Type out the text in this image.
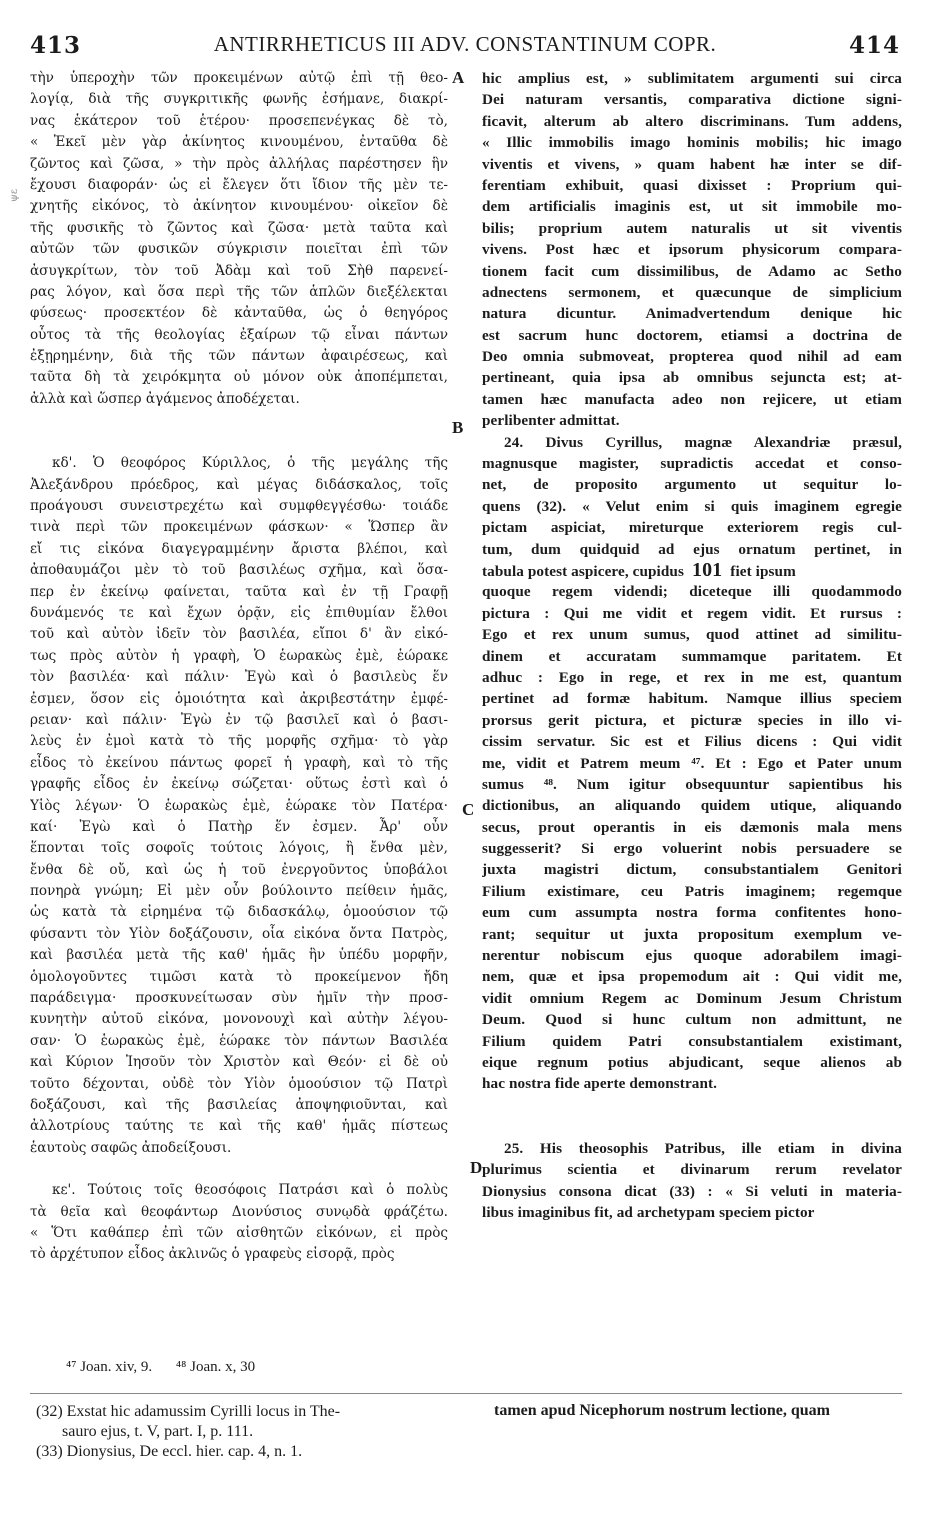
413	ANTIRRHETICUS III ADV. CONSTANTINUM COPR.	414
ψε
A
B
C
D
τὴν ὑπεροχὴν τῶν προκειμένων αὐτῷ ἐπὶ τῇ θεο-
λογίᾳ, διὰ τῆς συγκριτικῆς φωνῆς ἐσήμανε, διακρί-
νας ἑκάτερον τοῦ ἑτέρου· προσεπενέγκας δὲ τὸ,
« Ἐκεῖ μὲν γὰρ ἀκίνητος κινουμένου, ἐνταῦθα δὲ
ζῶντος καὶ ζῶσα, » τὴν πρὸς ἀλλήλας παρέστησεν ἣν
ἔχουσι διαφοράν· ὡς εἰ ἔλεγεν ὅτι ἴδιον τῆς μὲν τε-
χνητῆς εἰκόνος, τὸ ἀκίνητον κινουμένου· οἰκεῖον δὲ
τῆς φυσικῆς τὸ ζῶντος καὶ ζῶσα· μετὰ ταῦτα καὶ
αὐτῶν τῶν φυσικῶν σύγκρισιν ποιεῖται ἐπὶ τῶν
ἀσυγκρίτων, τὸν τοῦ Ἀδὰμ καὶ τοῦ Σὴθ παρενεί-
ρας λόγον, καὶ ὅσα περὶ τῆς τῶν ἁπλῶν διεξέλεκται
φύσεως· προσεκτέον δὲ κἀνταῦθα, ὡς ὁ θεηγόρος
οὗτος τὰ τῆς θεολογίας ἐξαίρων τῷ εἶναι πάντων
ἐξῃρημένην, διὰ τῆς τῶν πάντων ἀφαιρέσεως, καὶ
ταῦτα δὴ τὰ χειρόκμητα οὐ μόνον οὐκ ἀποπέμπεται,
ἀλλὰ καὶ ὥσπερ ἀγάμενος ἀποδέχεται.
κδ'. Ὁ θεοφόρος Κύριλλος, ὁ τῆς μεγάλης τῆς
Ἀλεξάνδρου πρόεδρος, καὶ μέγας διδάσκαλος, τοῖς
προάγουσι συνειστρεχέτω καὶ συμφθεγγέσθω· τοιάδε
τινὰ περὶ τῶν προκειμένων φάσκων· « Ὥσπερ ἂν
εἴ τις εἰκόνα διαγεγραμμένην ἄριστα βλέποι, καὶ
ἀποθαυμάζοι μὲν τὸ τοῦ βασιλέως σχῆμα, καὶ ὅσα-
περ ἐν ἐκείνῳ φαίνεται, ταῦτα καὶ ἐν τῇ Γραφῇ
δυνάμενός τε καὶ ἔχων ὁρᾷν, εἰς ἐπιθυμίαν ἔλθοι
τοῦ καὶ αὐτὸν ἰδεῖν τὸν βασιλέα, εἴποι δ' ἂν εἰκό-
τως πρὸς αὐτὸν ἡ γραφὴ, Ὁ ἑωρακὼς ἐμὲ, ἑώρακε
τὸν βασιλέα· καὶ πάλιν· Ἐγὼ καὶ ὁ βασιλεὺς ἕν
ἐσμεν, ὅσον εἰς ὁμοιότητα καὶ ἀκριβεστάτην ἐμφέ-
ρειαν· καὶ πάλιν· Ἐγὼ ἐν τῷ βασιλεῖ καὶ ὁ βασι-
λεὺς ἐν ἐμοὶ κατὰ τὸ τῆς μορφῆς σχῆμα· τὸ γὰρ
εἶδος τὸ ἐκείνου πάντως φορεῖ ἡ γραφὴ, καὶ τὸ τῆς
γραφῆς εἶδος ἐν ἐκείνῳ σώζεται· οὕτως ἐστὶ καὶ ὁ
Υἱὸς λέγων· Ὁ ἑωρακὼς ἐμὲ, ἑώρακε τὸν Πατέρα·
καί· Ἐγὼ καὶ ὁ Πατὴρ ἕν ἐσμεν. Ἆρ' οὖν
ἕπονται τοῖς σοφοῖς τούτοις λόγοις, ἢ ἔνθα μὲν,
ἔνθα δὲ οὔ, καὶ ὡς ἡ τοῦ ἐνεργοῦντος ὑποβάλοι
πονηρὰ γνώμη; Εἰ μὲν οὖν βούλοιντο πείθειν ἡμᾶς,
ὡς κατὰ τὰ εἰρημένα τῷ διδασκάλῳ, ὁμοούσιον τῷ
φύσαντι τὸν Υἱὸν δοξάζουσιν, οἷα εἰκόνα ὄντα Πατρὸς,
καὶ βασιλέα μετὰ τῆς καθ' ἡμᾶς ἣν ὑπέδυ μορφῆν,
ὁμολογοῦντες τιμῶσι κατὰ τὸ προκείμενον ἤδη
παράδειγμα· προσκυνείτωσαν σὺν ἡμῖν τὴν προσ-
κυνητὴν αὐτοῦ εἰκόνα, μονονουχὶ καὶ αὐτὴν λέγου-
σαν· Ὁ ἑωρακὼς ἐμὲ, ἑώρακε τὸν πάντων Βασιλέα
καὶ Κύριον Ἰησοῦν τὸν Χριστὸν καὶ Θεόν· εἰ δὲ οὐ
τοῦτο δέχονται, οὐδὲ τὸν Υἱὸν ὁμοούσιον τῷ Πατρὶ
δοξάζουσι, καὶ τῆς βασιλείας ἀποψηφιοῦνται, καὶ
ἀλλοτρίους ταύτης τε καὶ τῆς καθ' ἡμᾶς πίστεως
ἑαυτοὺς σαφῶς ἀποδείξουσι.
κε'. Τούτοις τοῖς θεοσόφοις Πατράσι καὶ ὁ πολὺς
τὰ θεῖα καὶ θεοφάντωρ Διονύσιος συνῳδὰ φράζέτω.
« Ὅτι καθάπερ ἐπὶ τῶν αἰσθητῶν εἰκόνων, εἰ πρὸς
τὸ ἀρχέτυπον εἶδος ἀκλινῶς ὁ γραφεὺς εἰσορᾷ, πρὸς
hic amplius est, » sublimitatem argumenti sui circa
Dei naturam versantis, comparativa dictione signi-
ficavit, alterum ab altero discriminans. Tum addens,
« Illic immobilis imago hominis mobilis; hic imago
viventis et vivens, » quam habent hæ inter se dif-
ferentiam exhibuit, quasi dixisset : Proprium qui-
dem artificialis imaginis est, ut sit immobile mo-
bilis; proprium autem naturalis ut sit viventis
vivens. Post hæc et ipsorum physicorum compara-
tionem facit cum dissimilibus, de Adamo ac Setho
adnectens sermonem, et quæcunque de simplicium
natura dicuntur. Animadvertendum denique hic
est sacrum hunc doctorem, etiamsi a doctrina de
Deo omnia submoveat, propterea quod nihil ad eam
pertineant, quia ipsa ab omnibus sejuncta est; at-
tamen hæc manufacta adeo non rejicere, ut etiam
perlibenter admittat.
24. Divus Cyrillus, magnæ Alexandriæ præsul,
magnusque magister, supradictis accedat et conso-
net, de proposito argumento ut sequitur lo-
quens (32). « Velut enim si quis imaginem egregie
pictam aspiciat, mireturque exteriorem regis cul-
tum, dum quidquid ad ejus ornatum pertinet, in
tabula potest aspicere, cupidus 101 fiet ipsum
quoque regem videndi; diceteque illi quodammodo
pictura : Qui me vidit et regem vidit. Et rursus :
Ego et rex unum sumus, quod attinet ad similitu-
dinem et accuratam summamque paritatem. Et
adhuc : Ego in rege, et rex in me est, quantum
pertinet ad formæ habitum. Namque illius speciem
prorsus gerit pictura, et picturæ species in illo vi-
cissim servatur. Sic est et Filius dicens : Qui vidit
me, vidit et Patrem meum ⁴⁷. Et : Ego et Pater unum
sumus ⁴⁸. Num igitur obsequuntur sapientibus his
dictionibus, an aliquando quidem utique, aliquando
secus, prout operantis in eis dæmonis mala mens
suggesserit? Si ergo voluerint nobis persuadere se
juxta magistri dictum, consubstantialem Genitori
Filium existimare, ceu Patris imaginem; regemque
eum cum assumpta nostra forma confitentes hono-
rant; sequitur ut juxta propositum exemplum ve-
nerentur nobiscum ejus quoque adorabilem imagi-
nem, quæ et ipsa propemodum ait : Qui vidit me,
vidit omnium Regem ac Dominum Jesum Christum
Deum. Quod si hunc cultum non admittunt, ne
Filium quidem Patri consubstantialem existimant,
eique regnum potius abjudicant, seque alienos ab
hac nostra fide aperte demonstrant.
25. His theosophis Patribus, ille etiam in divina
plurimus scientia et divinarum rerum revelator
Dionysius consona dicat (33) : « Si veluti in materia-
libus imaginibus fit, ad archetypam speciem pictor
⁴⁷ Joan. xiv, 9. ⁴⁸ Joan. x, 30
(32) Exstat hic adamussim Cyrilli locus in The-
sauro ejus, t. V, part. I, p. 111.
(33) Dionysius, De eccl. hier. cap. 4, n. 1.
tamen apud Nicephorum nostrum lectione, quam
